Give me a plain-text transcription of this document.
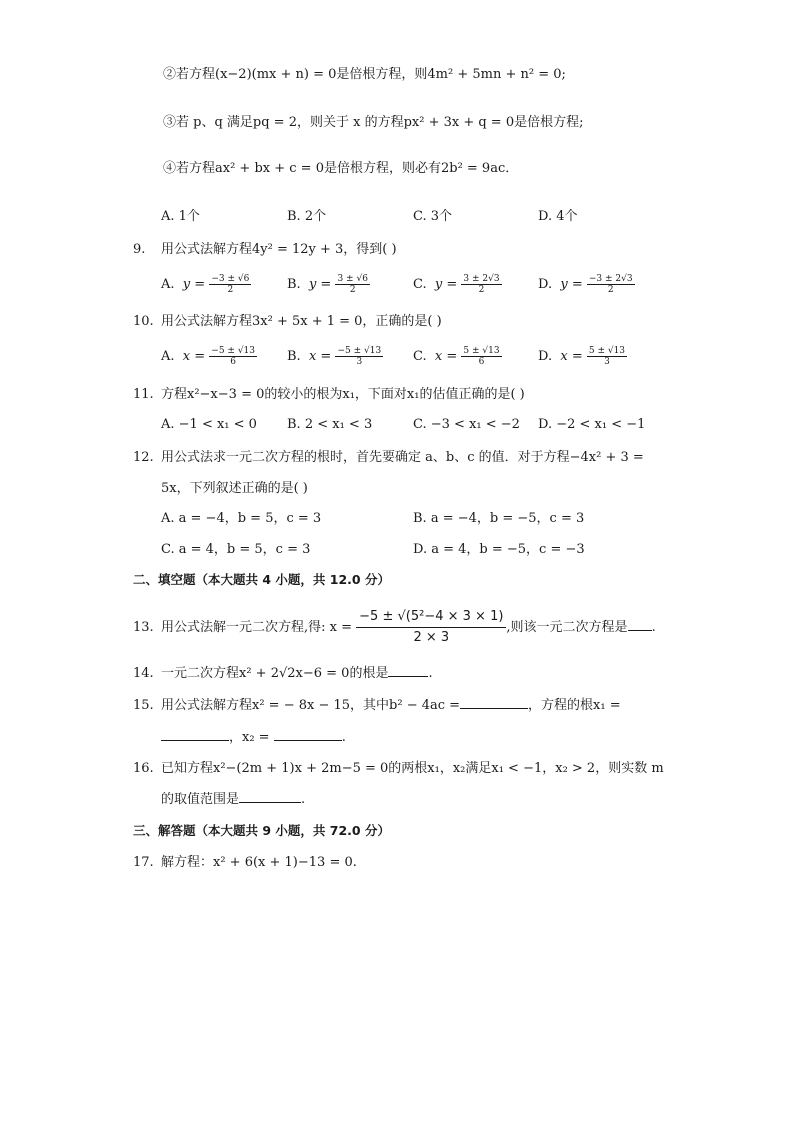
②若方程(x−2)(mx + n) = 0是倍根方程，则4m² + 5mn + n² = 0;
③若 p、q 满足pq = 2，则关于 x 的方程px² + 3x + q = 0是倍根方程;
④若方程ax² + bx + c = 0是倍根方程，则必有2b² = 9ac．
A. 1个	B. 2个	C. 3个	D. 4个
9.	用公式法解方程4y² = 12y + 3，得到( )
A. $y = \frac{-3 \pm √6}{2}$	B. $y = \frac{3 \pm √6}{2}$	C. $y = \frac{3 \pm 2√3}{2}$	D. $y = \frac{-3 \pm 2√3}{2}$
10. 用公式法解方程3x² + 5x + 1 = 0，正确的是( )
A. $x = \frac{-5 \pm √13}{6} B$. $x = \frac{-5 \pm √13}{3} C$. $x = \frac{5 \pm √13}{6}$	D. $x = \frac{5 \pm √13}{3}$
11. 方程x²−x−3 = 0的较小的根为x₁，下面对x₁的估值正确的是( )
A. −1 < x₁ < 0 B. 2 < x₁ < 3	C. −3 < x₁ < −2 D. −2 < x₁ < −1
12. 用公式法求一元二次方程的根时，首先要确定 a、b、c 的值．对于方程−4x² + 3 =
5x，下列叙述正确的是( )
A. a = −4，b = 5，c = 3	B. a = −4，b = −5，c = 3
C. a = 4，b = 5，c = 3	D. a = 4，b = −5，c = −3
二、填空题（本大题共 4 小题，共 12.0 分）
13. 用公式法解一元二次方程,得: $x = \frac{\text{−5 ± √(5²−4 × 3 × 1)}}{2 \times 3}$ ,则该一元二次方程是 .
14. 一元二次方程x² + 2√2x−6 = 0的根是	.
15. 用公式法解方程x² = − 8x − 15，其中b² − 4ac =	，方程的根x₁ =
，x₂ =	.
16. 已知方程x²−(2m + 1)x + 2m−5 = 0的两根x₁，x₂满足x₁ < −1，x₂ > 2，则实数 m
的取值范围是	.
三、解答题（本大题共 9 小题，共 72.0 分）
17. 解方程：x² + 6(x + 1)−13 = 0.
